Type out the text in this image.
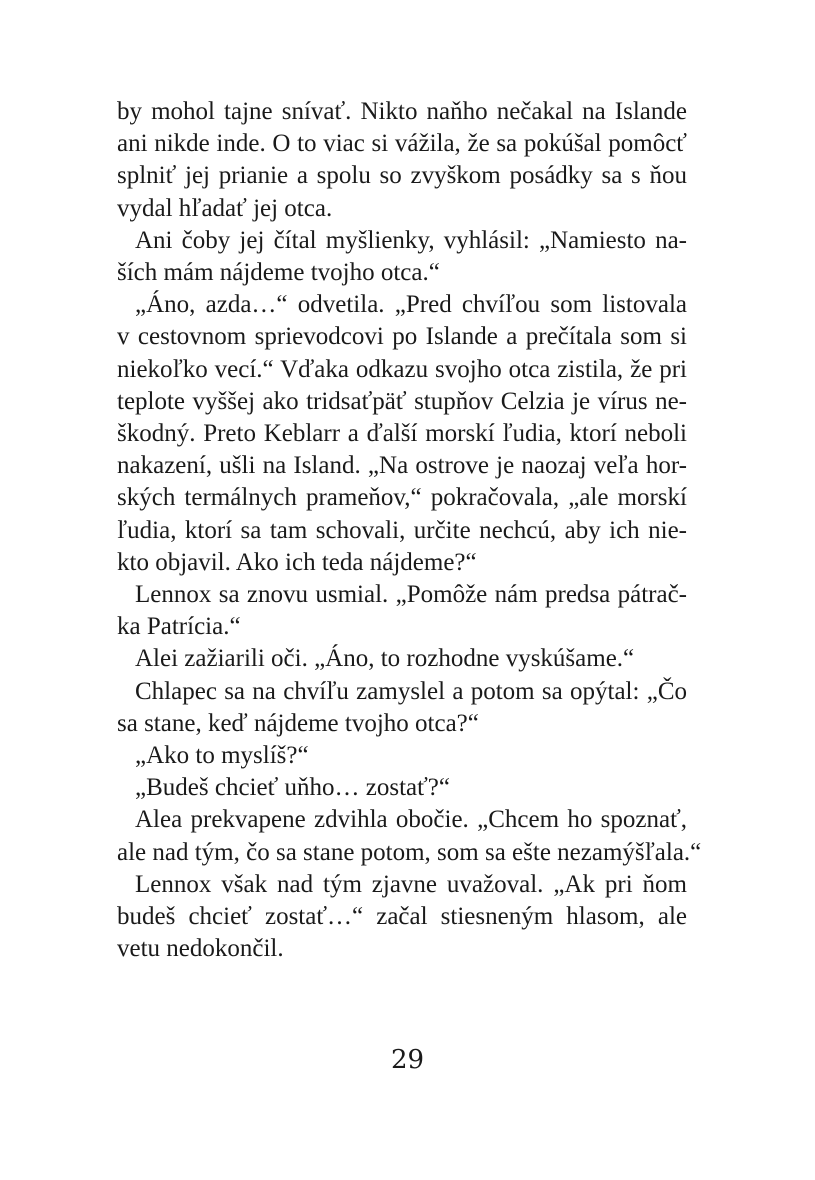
by mohol tajne snívať. Nikto naňho nečakal na Islande
ani nikde inde. O to viac si vážila, že sa pokúšal pomôcť
splniť jej prianie a spolu so zvyškom posádky sa s ňou
vydal hľadať jej otca.
Ani čoby jej čítal myšlienky, vyhlásil: „Namiesto na-
ších mám nájdeme tvojho otca.“
„Áno, azda…“ odvetila. „Pred chvíľou som listovala
v cestovnom sprievodcovi po Islande a prečítala som si
niekoľko vecí.“ Vďaka odkazu svojho otca zistila, že pri
teplote vyššej ako tridsaťpäť stupňov Celzia je vírus ne-
škodný. Preto Keblarr a ďalší morskí ľudia, ktorí neboli
nakazení, ušli na Island. „Na ostrove je naozaj veľa hor-
ských termálnych prameňov,“ pokračovala, „ale morskí
ľudia, ktorí sa tam schovali, určite nechcú, aby ich nie-
kto objavil. Ako ich teda nájdeme?“
Lennox sa znovu usmial. „Pomôže nám predsa pátrač-
ka Patrícia.“
Alei zažiarili oči. „Áno, to rozhodne vyskúšame.“
Chlapec sa na chvíľu zamyslel a potom sa opýtal: „Čo
sa stane, keď nájdeme tvojho otca?“
„Ako to myslíš?“
„Budeš chcieť uňho… zostať?“
Alea prekvapene zdvihla obočie. „Chcem ho spoznať,
ale nad tým, čo sa stane potom, som sa ešte nezamýšľala.“
Lennox však nad tým zjavne uvažoval. „Ak pri ňom
budeš chcieť zostať…“ začal stiesneným hlasom, ale
vetu nedokončil.
29
